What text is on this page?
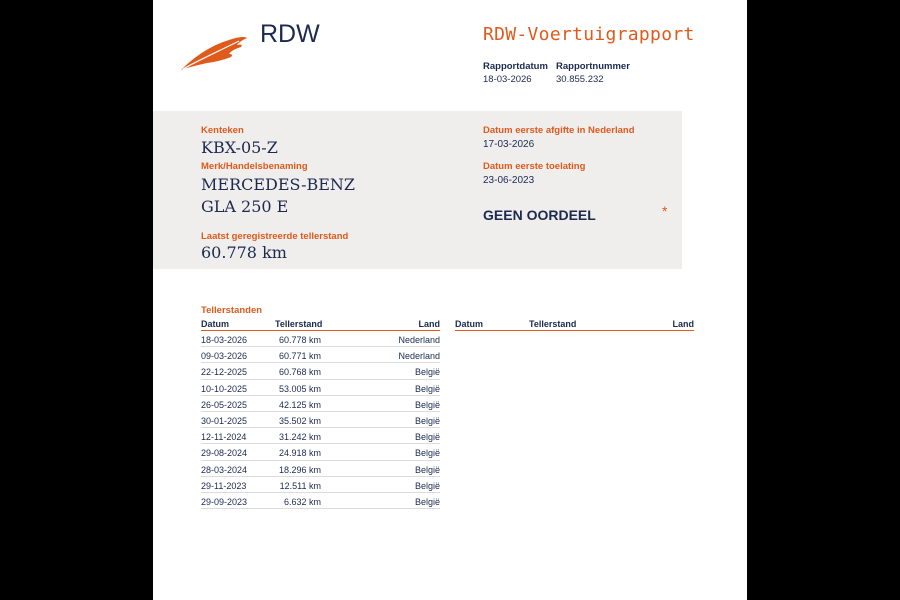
RDW	RDW-Voertuigrapport
Rapportdatum
18-03-2026
Rapportnummer
30.855.232
Kenteken
KBX-05-Z
Merk/Handelsbenaming
MERCEDES-BENZ
GLA 250 E
Laatst geregistreerde tellerstand
60.778 km
Datum eerste afgifte in Nederland
17-03-2026
Datum eerste toelating
23-06-2023
GEEN OORDEEL	*
Tellerstanden
Datum	Tellerstand	Land
18-03-2026	60.778 km	Nederland
09-03-2026	60.771 km	Nederland
22-12-2025	60.768 km	België
10-10-2025	53.005 km	België
26-05-2025	42.125 km	België
30-01-2025	35.502 km	België
12-11-2024	31.242 km	België
29-08-2024	24.918 km	België
28-03-2024	18.296 km	België
29-11-2023	12.511 km	België
29-09-2023	6.632 km	België
Datum	Tellerstand	Land
